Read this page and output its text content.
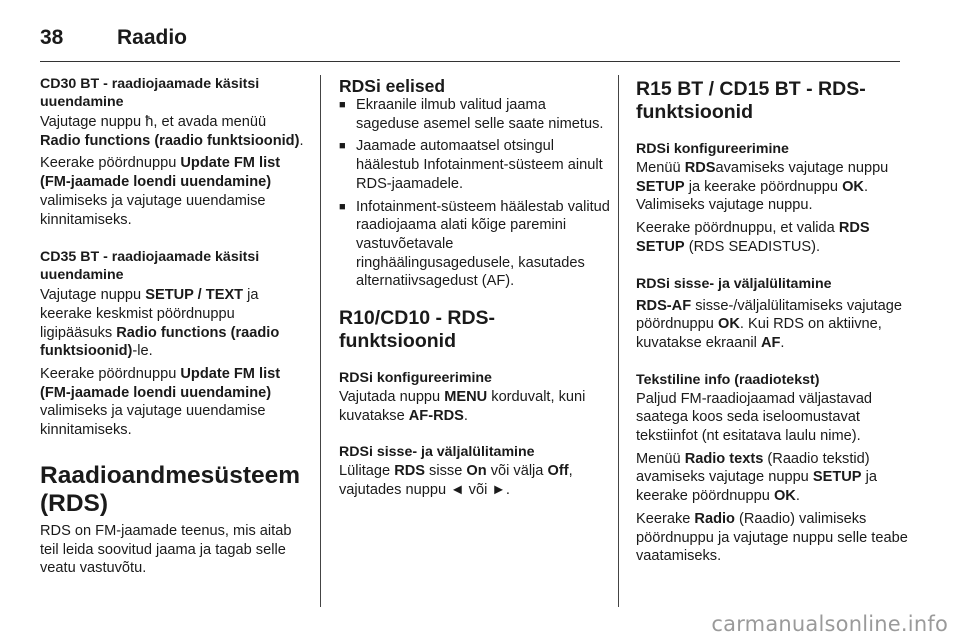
38	Raadio

CD30 BT - raadiojaamade käsitsi uuendamine

Vajutage nuppu ħ, et avada menüü Radio functions (raadio funktsioonid).

Keerake pöördnuppu Update FM list (FM-jaamade loendi uuendamine) valimiseks ja vajutage uuendamise kinnitamiseks.

CD35 BT - raadiojaamade käsitsi uuendamine

Vajutage nuppu SETUP / TEXT ja keerake keskmist pöördnuppu ligipääsuks Radio functions (raadio funktsioonid)-le.

Keerake pöördnuppu Update FM list (FM-jaamade loendi uuendamine) valimiseks ja vajutage uuendamise kinnitamiseks.

Raadioandmesüsteem (RDS)

RDS on FM-jaamade teenus, mis aitab teil leida soovitud jaama ja tagab selle veatu vastuvõtu.

RDSi eelised

■ Ekraanile ilmub valitud jaama sageduse asemel selle saate nimetus.
■ Jaamade automaatsel otsingul häälestub Infotainment-süsteem ainult RDS-jaamadele.
■ Infotainment-süsteem häälestab valitud raadiojaama alati kõige paremini vastuvõetavale ringhäälingusagedusele, kasutades alternatiivsagedust (AF).

R10/CD10 - RDS-funktsioonid

RDSi konfigureerimine

Vajutada nuppu MENU korduvalt, kuni kuvatakse AF-RDS.

RDSi sisse- ja väljalülitamine

Lülitage RDS sisse On või välja Off, vajutades nuppu ◄ või ►.

R15 BT / CD15 BT - RDS-funktsioonid

RDSi konfigureerimine

Menüü RDSavamiseks vajutage nuppu SETUP ja keerake pöördnuppu OK. Valimiseks vajutage nuppu.

Keerake pöördnuppu, et valida RDS SETUP (RDS SEADISTUS).

RDSi sisse- ja väljalülitamine

RDS-AF sisse-/väljalülitamiseks vajutage pöördnuppu OK. Kui RDS on aktiivne, kuvatakse ekraanil AF.

Tekstiline info (raadiotekst)

Paljud FM-raadiojaamad väljastavad saatega koos seda iseloomustavat tekstiinfot (nt esitatava laulu nime).

Menüü Radio texts (Raadio tekstid) avamiseks vajutage nuppu SETUP ja keerake pöördnuppu OK.

Keerake Radio (Raadio) valimiseks pöördnuppu ja vajutage nuppu selle teabe vaatamiseks.

carmanualsonline.info
